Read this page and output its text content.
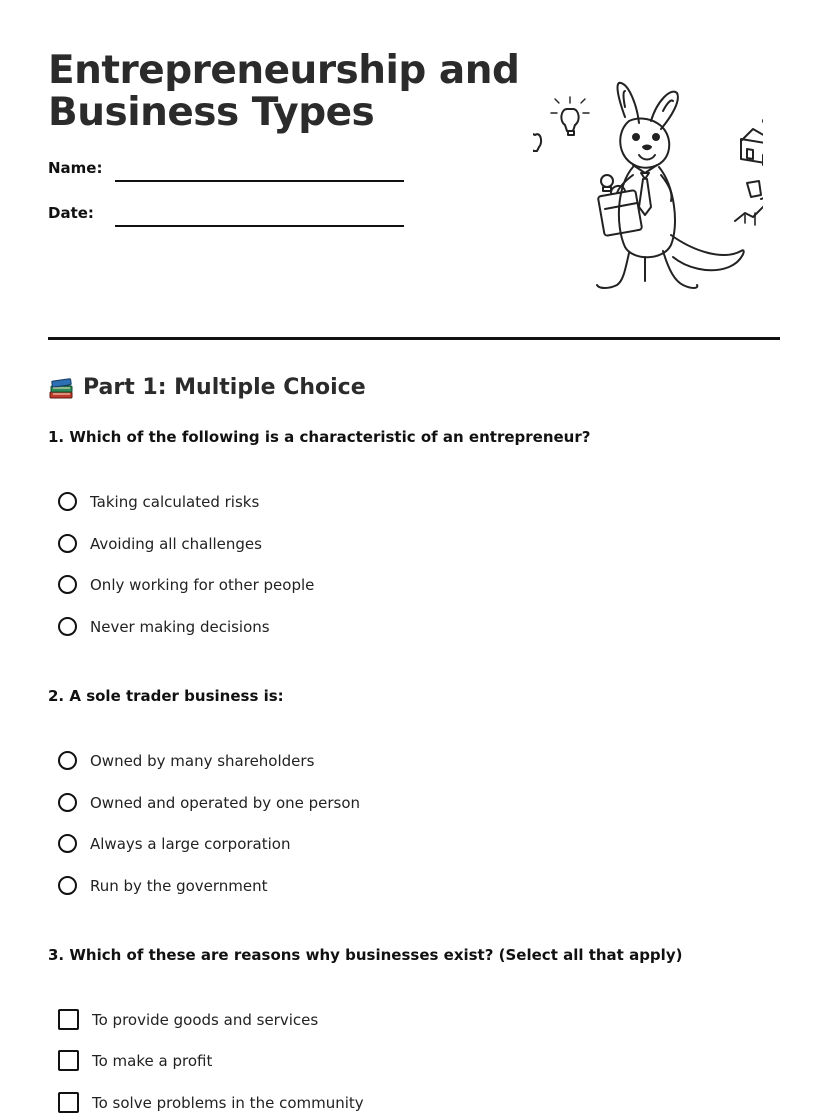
Entrepreneurship and
Business Types
Name:
Date:
Part 1: Multiple Choice

1. Which of the following is a characteristic of an entrepreneur?

Taking calculated risks
Avoiding all challenges
Only working for other people
Never making decisions

2. A sole trader business is:

Owned by many shareholders
Owned and operated by one person
Always a large corporation
Run by the government

3. Which of these are reasons why businesses exist? (Select all that apply)

To provide goods and services
To make a profit
To solve problems in the community
